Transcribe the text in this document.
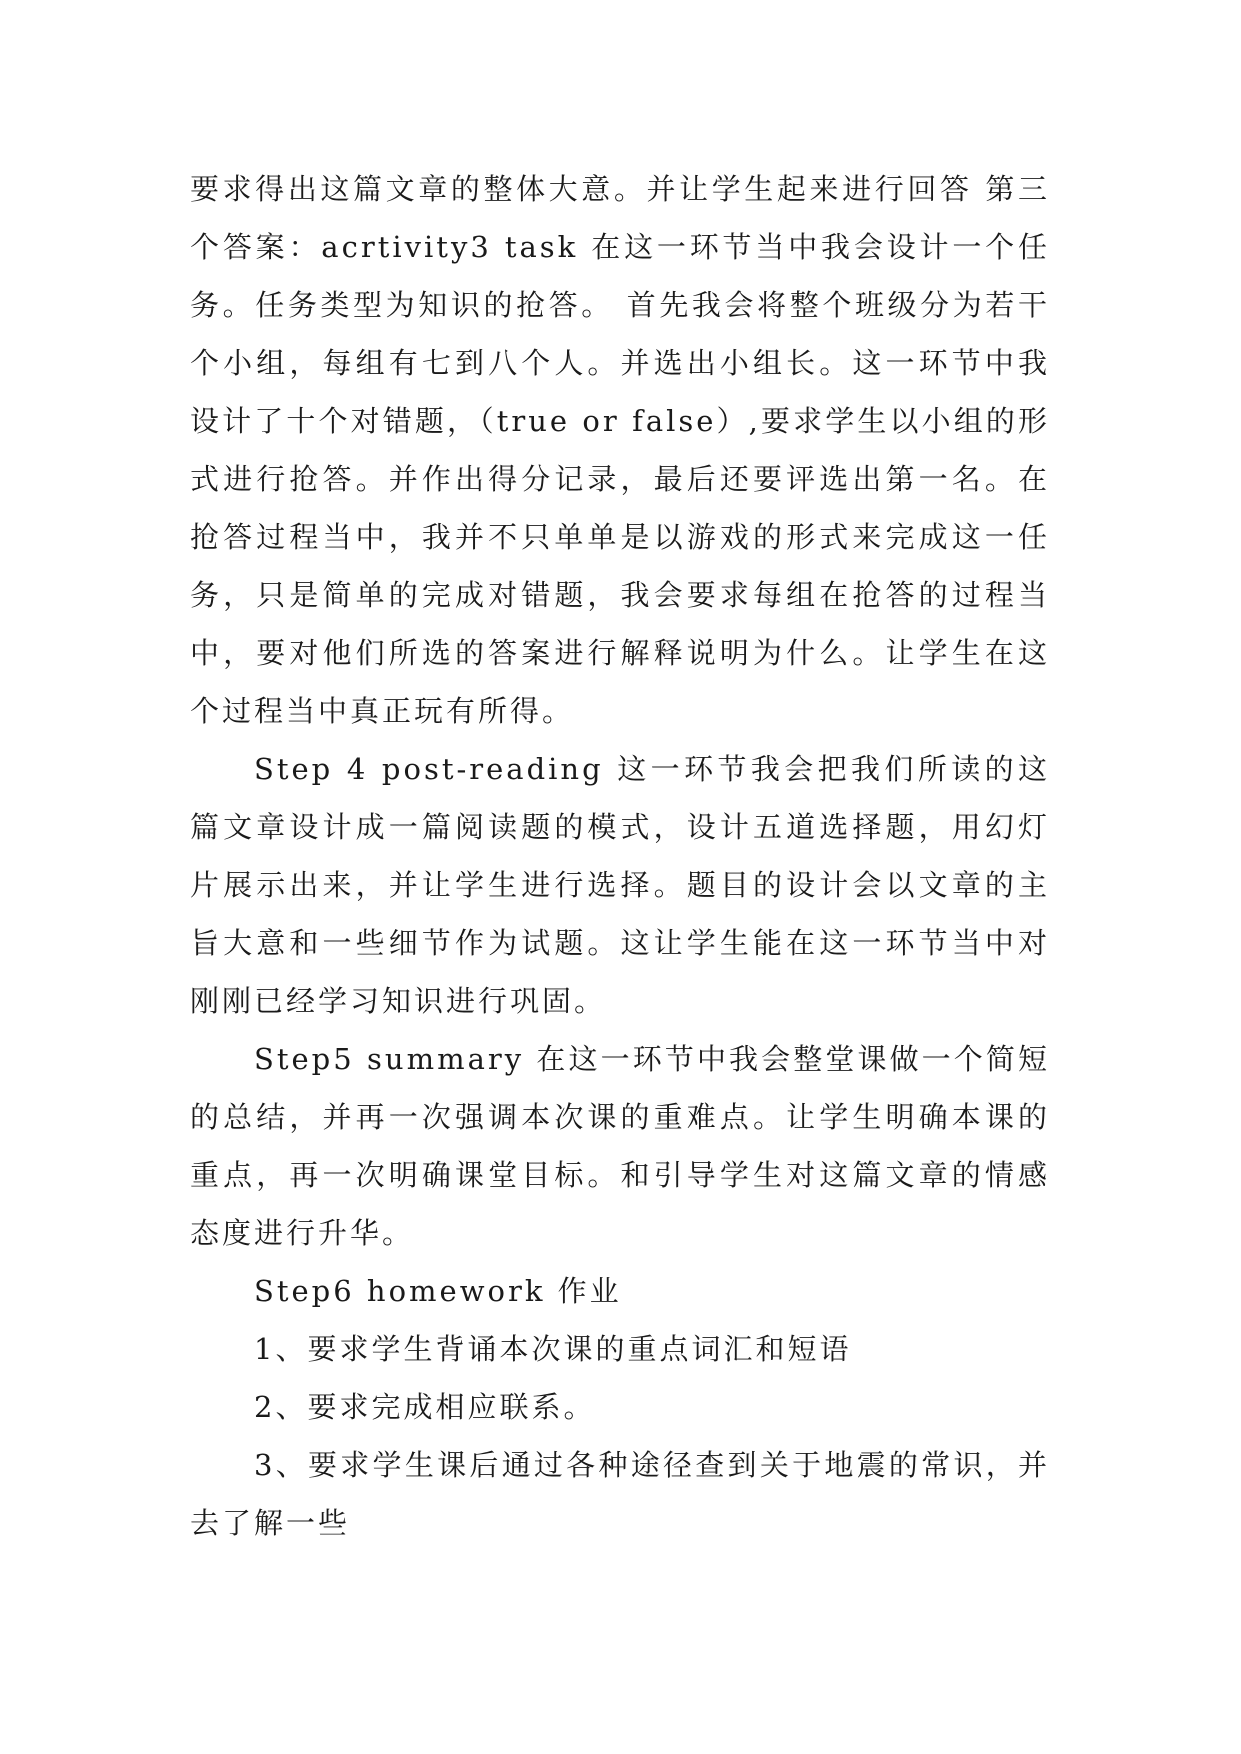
要求得出这篇文章的整体大意。并让学生起来进行回答 第三个答案：acrtivity3 task 在这一环节当中我会设计一个任务。任务类型为知识的抢答。 首先我会将整个班级分为若干个小组，每组有七到八个人。并选出小组长。这一环节中我设计了十个对错题，（true or false）,要求学生以小组的形式进行抢答。并作出得分记录，最后还要评选出第一名。在抢答过程当中，我并不只单单是以游戏的形式来完成这一任务，只是简单的完成对错题，我会要求每组在抢答的过程当中，要对他们所选的答案进行解释说明为什么。让学生在这个过程当中真正玩有所得。

Step 4 post-reading 这一环节我会把我们所读的这篇文章设计成一篇阅读题的模式，设计五道选择题，用幻灯片展示出来，并让学生进行选择。题目的设计会以文章的主旨大意和一些细节作为试题。这让学生能在这一环节当中对刚刚已经学习知识进行巩固。

Step5 summary 在这一环节中我会整堂课做一个简短的总结，并再一次强调本次课的重难点。让学生明确本课的重点，再一次明确课堂目标。和引导学生对这篇文章的情感态度进行升华。

Step6 homework 作业

1、要求学生背诵本次课的重点词汇和短语

2、要求完成相应联系。

3、要求学生课后通过各种途径查到关于地震的常识，并去了解一些
